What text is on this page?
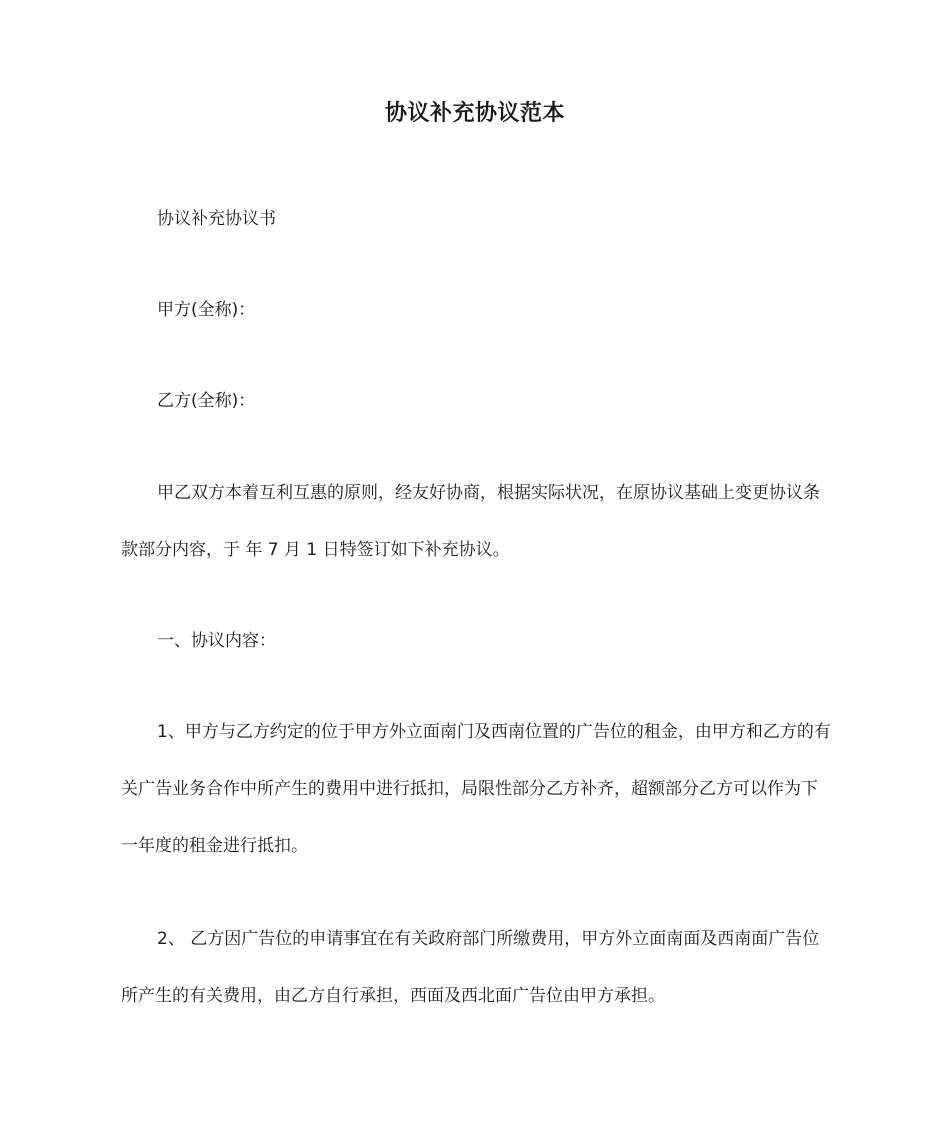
协议补充协议范本

协议补充协议书

甲方(全称)：

乙方(全称)：

甲乙双方本着互利互惠的原则，经友好协商，根据实际状况，在原协议基础上变更协议条款部分内容，于 年 7 月 1 日特签订如下补充协议。

一、协议内容：

1、甲方与乙方约定的位于甲方外立面南门及西南位置的广告位的租金，由甲方和乙方的有关广告业务合作中所产生的费用中进行抵扣，局限性部分乙方补齐，超额部分乙方可以作为下一年度的租金进行抵扣。

2、 乙方因广告位的申请事宜在有关政府部门所缴费用，甲方外立面南面及西南面广告位所产生的有关费用，由乙方自行承担，西面及西北面广告位由甲方承担。
